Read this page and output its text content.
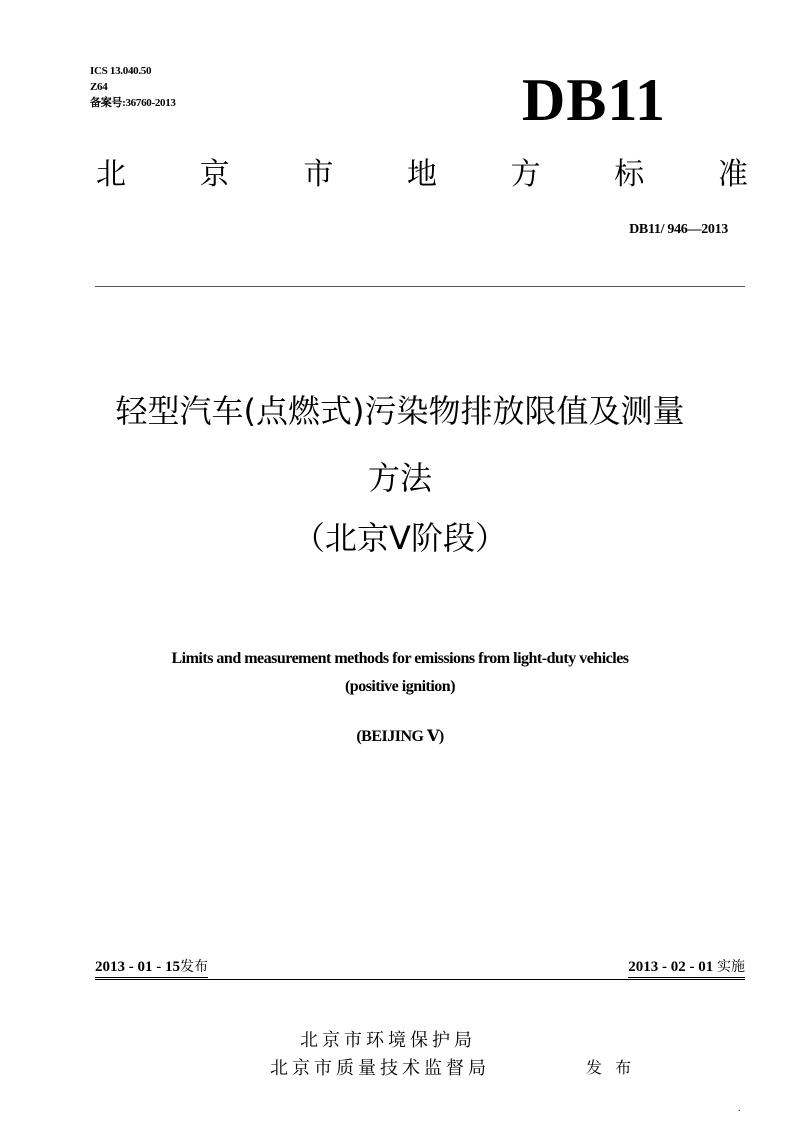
ICS 13.040.50
Z64
备案号:36760-2013	DB11
北 京 市 地 方 标 准
DB11/ 946—2013
轻型汽车(点燃式)污染物排放限值及测量
方法
（北京Ⅴ阶段）
Limits and measurement methods for emissions from light-duty vehicles
(positive ignition)
(BEIJING Ⅴ)
2013 - 01 - 15发布	2013 - 02 - 01 实施
北京市环境保护局
北京市质量技术监督局	发 布
.
